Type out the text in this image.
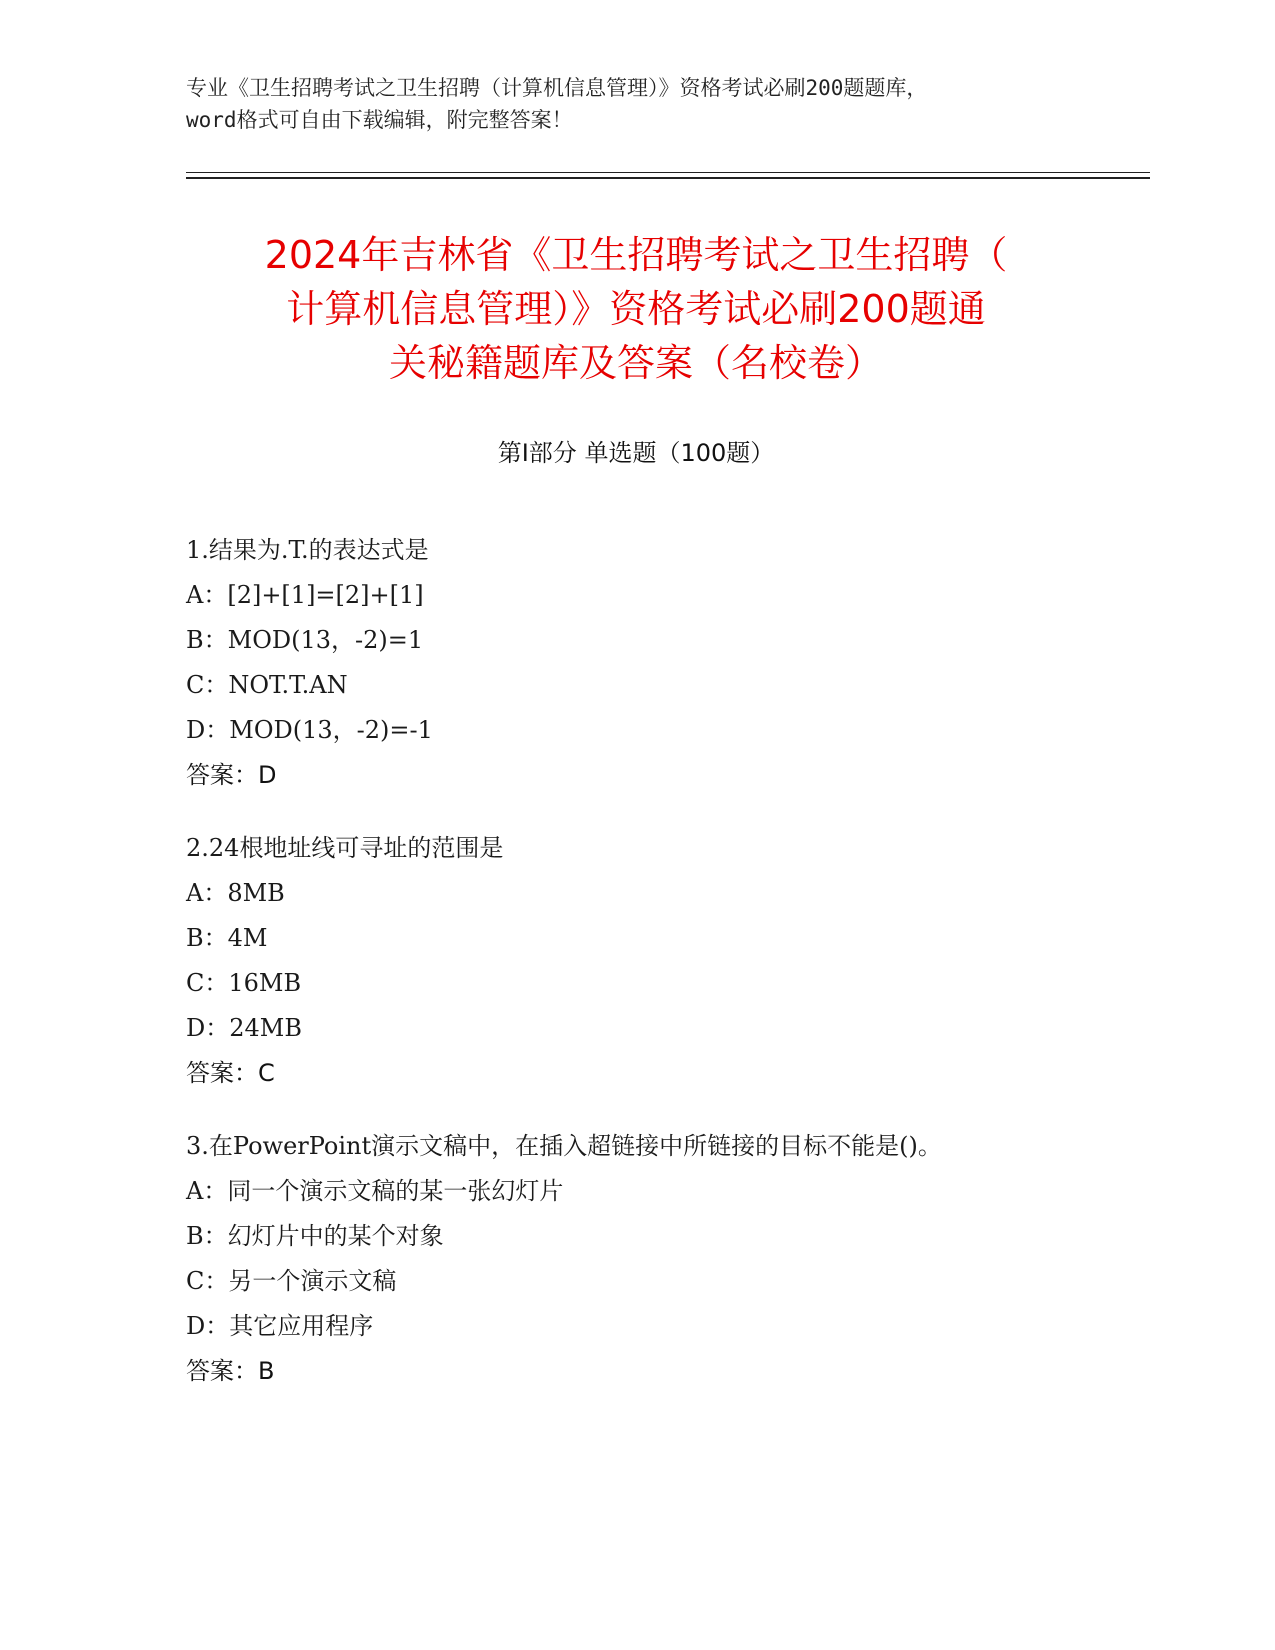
专业《卫生招聘考试之卫生招聘（计算机信息管理）》资格考试必刷200题题库，
word格式可自由下载编辑，附完整答案！
2024年吉林省《卫生招聘考试之卫生招聘（
计算机信息管理）》资格考试必刷200题通
关秘籍题库及答案（名校卷）
第Ⅰ部分 单选题（100题）
1.结果为.T.的表达式是
A：[2]+[1]=[2]+[1]
B：MOD(13，-2)=1
C：NOT.T.AN
D：MOD(13，-2)=-1
答案：D
2.24根地址线可寻址的范围是
A：8MB
B：4M
C：16MB
D：24MB
答案：C
3.在PowerPoint演示文稿中，在插入超链接中所链接的目标不能是()。
A：同一个演示文稿的某一张幻灯片
B：幻灯片中的某个对象
C：另一个演示文稿
D：其它应用程序
答案：B
